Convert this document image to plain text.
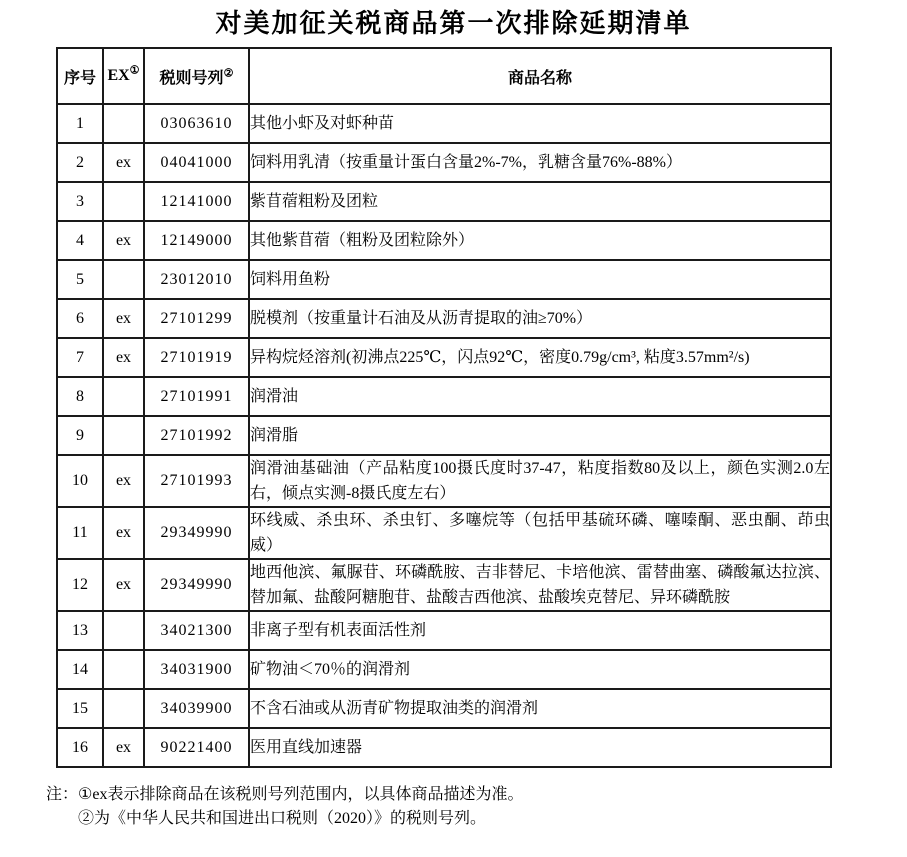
对美加征关税商品第一次排除延期清单
序号	EX①	税则号列②	商品名称
1		03063610	其他小虾及对虾种苗
2	ex	04041000	饲料用乳清（按重量计蛋白含量2%-7%，乳糖含量76%-88%）
3		12141000	紫苜蓿粗粉及团粒
4	ex	12149000	其他紫苜蓿（粗粉及团粒除外）
5		23012010	饲料用鱼粉
6	ex	27101299	脱模剂（按重量计石油及从沥青提取的油≥70%）
7	ex	27101919	异构烷烃溶剂(初沸点225℃，闪点92℃，密度0.79g/cm³, 粘度3.57mm²/s)
8		27101991	润滑油
9		27101992	润滑脂
10	ex	27101993	润滑油基础油（产品粘度100摄氏度时37-47，粘度指数80及以上，颜色实测2.0左右，倾点实测-8摄氏度左右）
11	ex	29349990	环线威、杀虫环、杀虫钉、多噻烷等（包括甲基硫环磷、噻嗪酮、恶虫酮、茚虫威）
12	ex	29349990	地西他滨、氟脲苷、环磷酰胺、吉非替尼、卡培他滨、雷替曲塞、磷酸氟达拉滨、替加氟、盐酸阿糖胞苷、盐酸吉西他滨、盐酸埃克替尼、异环磷酰胺
13		34021300	非离子型有机表面活性剂
14		34031900	矿物油＜70％的润滑剂
15		34039900	不含石油或从沥青矿物提取油类的润滑剂
16	ex	90221400	医用直线加速器
注： ①ex表示排除商品在该税则号列范围内，以具体商品描述为准。
②为《中华人民共和国进出口税则（2020）》的税则号列。
